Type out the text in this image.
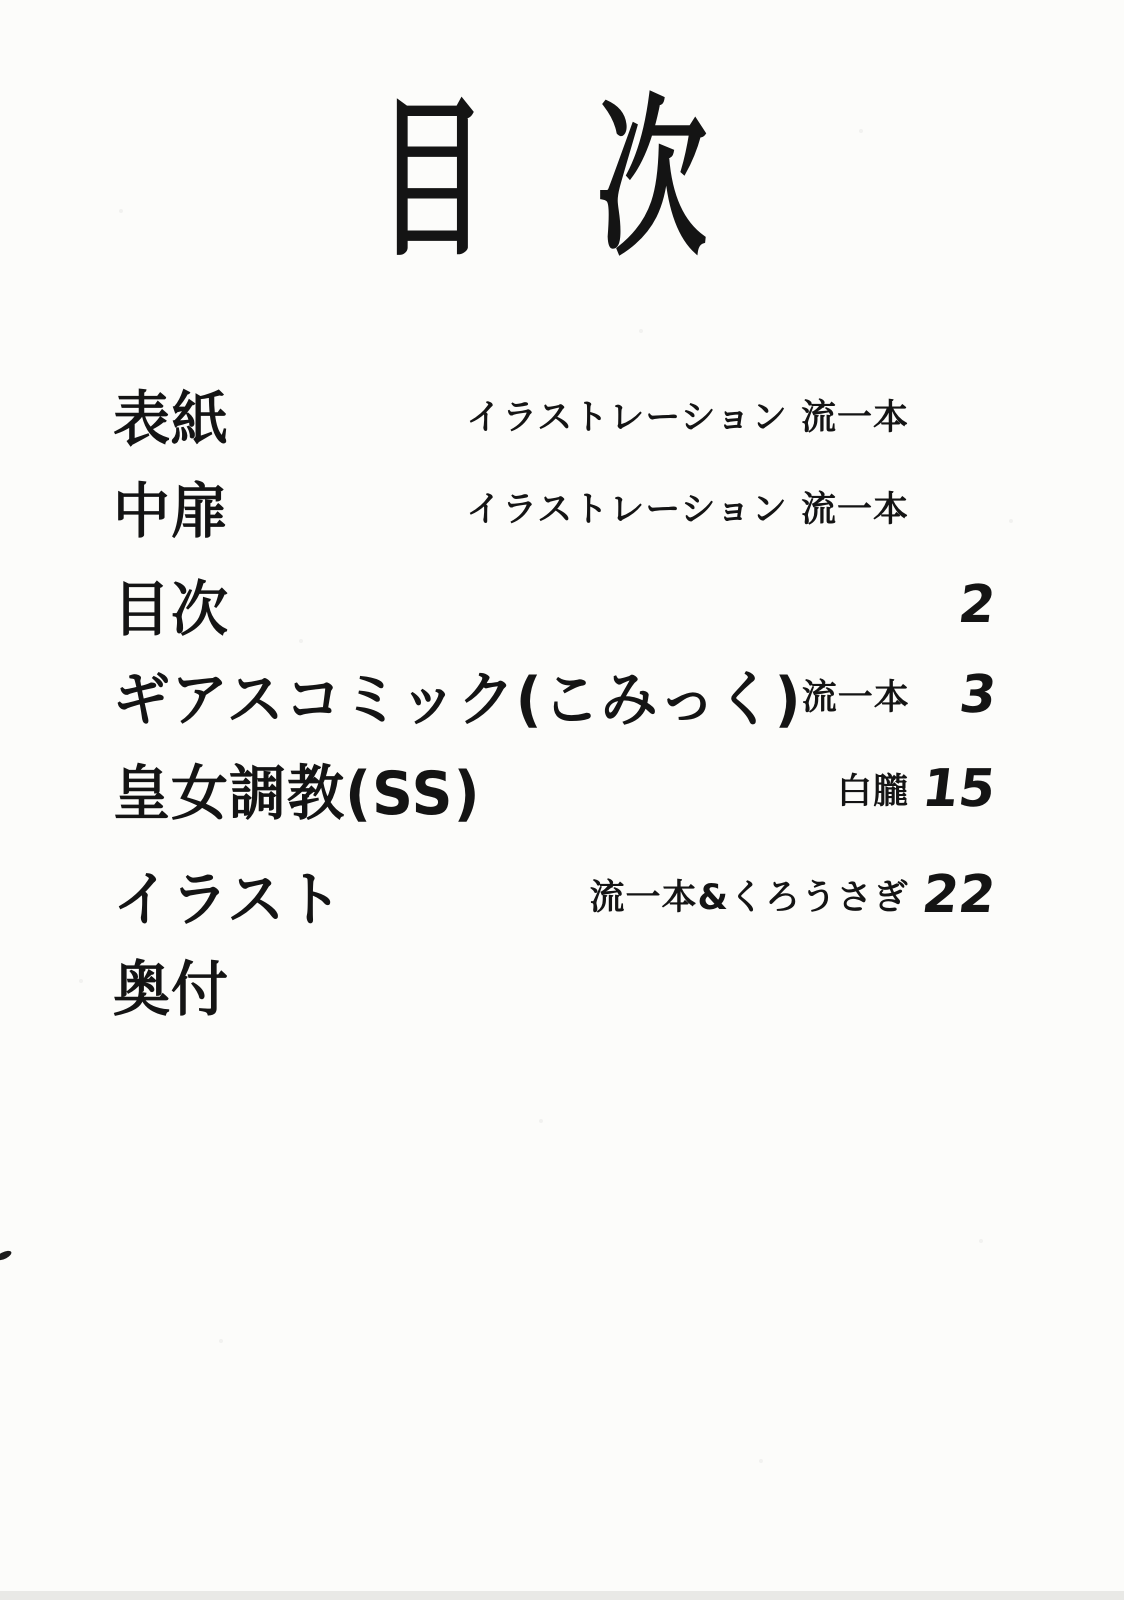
目　次
表紙	イラストレーション 流一本
中扉	イラストレーション 流一本
目次	2
ギアスコミック(こみっく) 流一本 3
皇女調教(SS)	白朧 15
イラスト	流一本&くろうさぎ 22
奥付
